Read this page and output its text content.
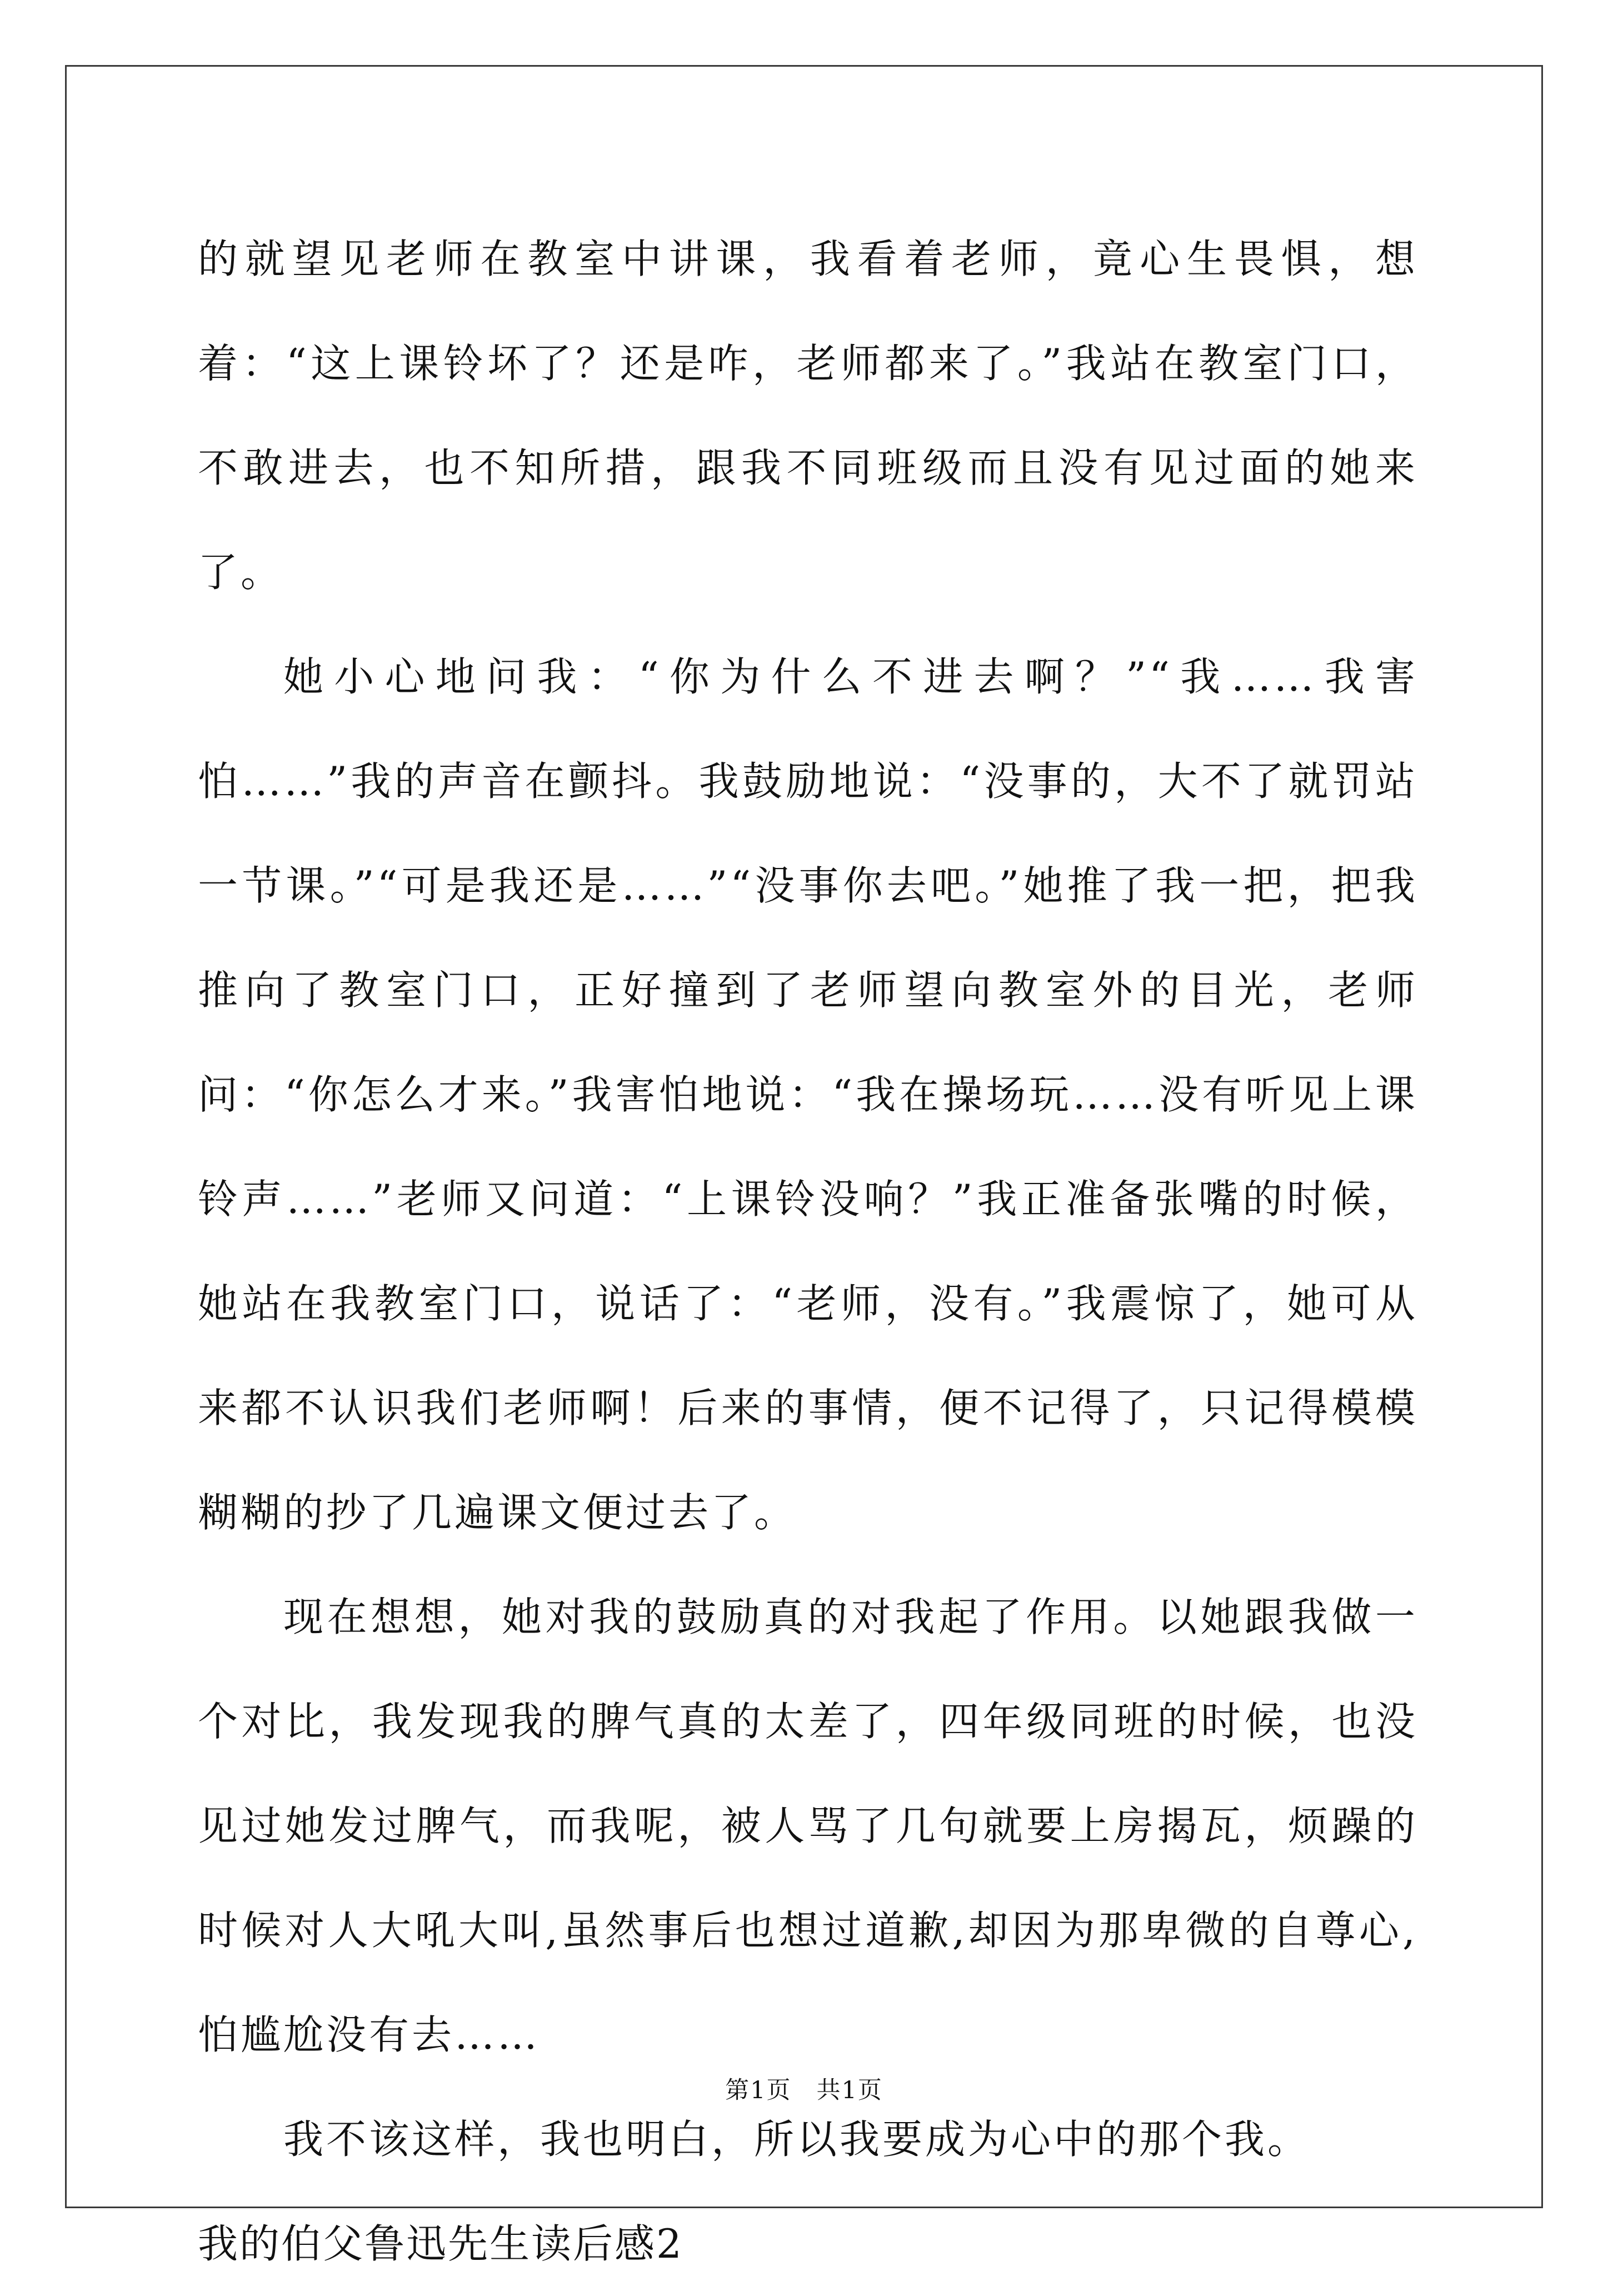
的就望见老师在教室中讲课，我看着老师，竟心生畏惧，想着：“这上课铃坏了？还是咋，老师都来了。”我站在教室门口，不敢进去，也不知所措，跟我不同班级而且没有见过面的她来了。

她小心地问我：“你为什么不进去啊？”“我……我害怕……”我的声音在颤抖。我鼓励地说：“没事的，大不了就罚站一节课。”“可是我还是……”“没事你去吧。”她推了我一把，把我推向了教室门口，正好撞到了老师望向教室外的目光，老师问：“你怎么才来。”我害怕地说：“我在操场玩……没有听见上课铃声……”老师又问道：“上课铃没响？”我正准备张嘴的时候，她站在我教室门口，说话了：“老师，没有。”我震惊了，她可从来都不认识我们老师啊！后来的事情，便不记得了，只记得模模糊糊的抄了几遍课文便过去了。

现在想想，她对我的鼓励真的对我起了作用。以她跟我做一个对比，我发现我的脾气真的太差了，四年级同班的时候，也没见过她发过脾气，而我呢，被人骂了几句就要上房揭瓦，烦躁的时候对人大吼大叫,虽然事后也想过道歉,却因为那卑微的自尊心,怕尴尬没有去……

我不该这样，我也明白，所以我要成为心中的那个我。

我的伯父鲁迅先生读后感2

第1页　共1页
